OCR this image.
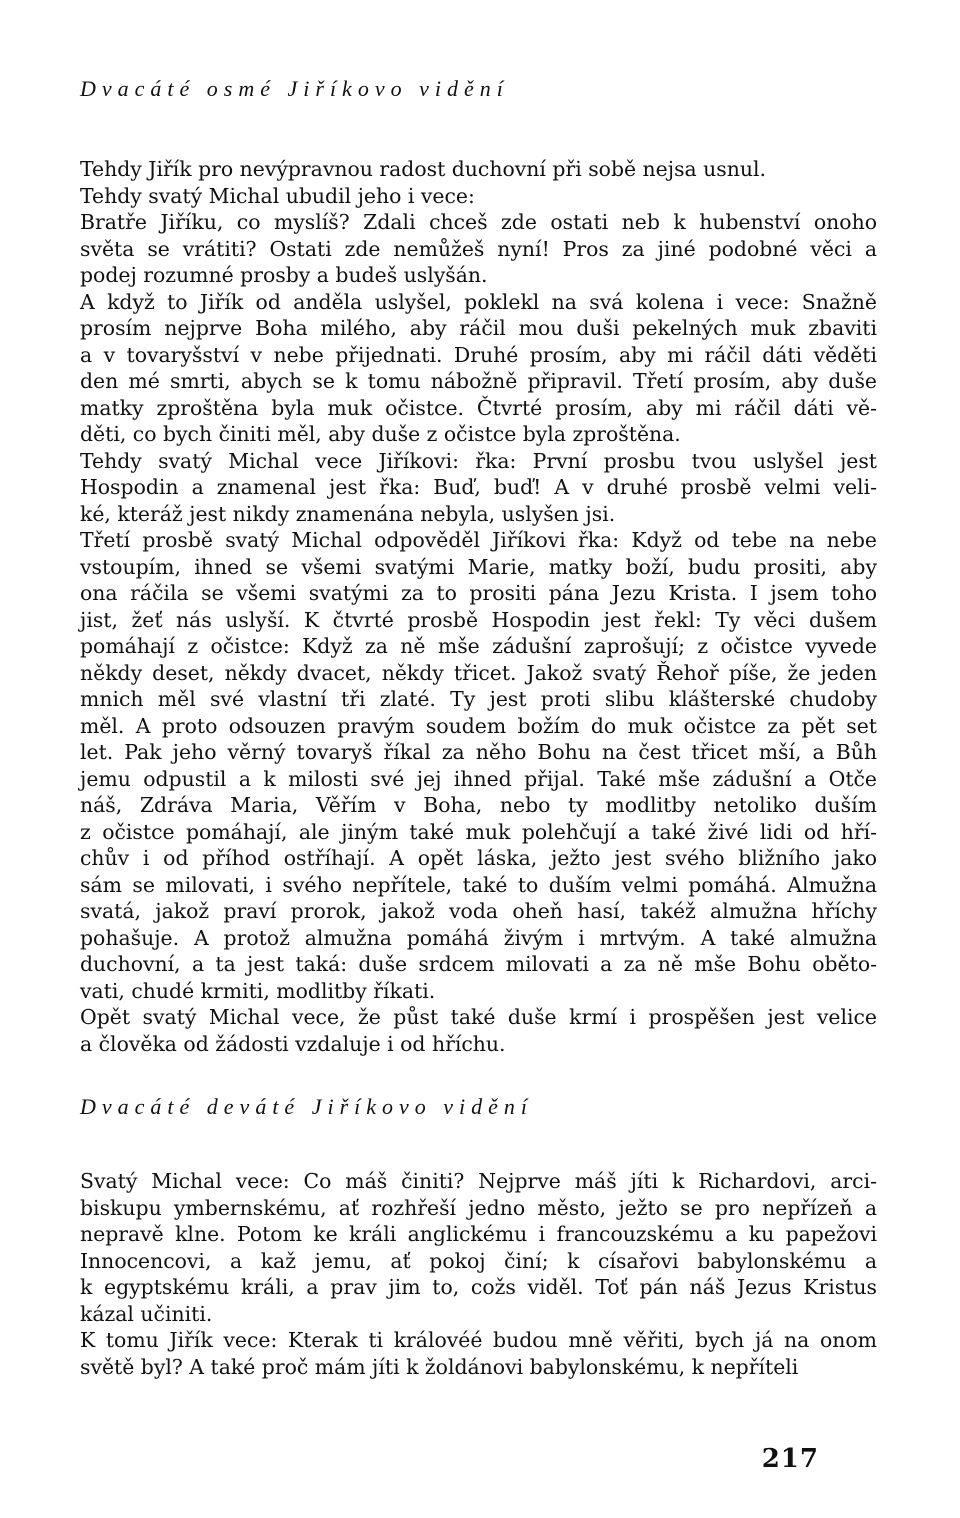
Dvacáté osmé Jiříkovo vidění
Tehdy Jiřík pro nevýpravnou radost duchovní při sobě nejsa usnul.
Tehdy svatý Michal ubudil jeho i vece:
Bratře Jiříku, co myslíš? Zdali chceš zde ostati neb k hubenství onoho
světa se vrátiti? Ostati zde nemůžeš nyní! Pros za jiné podobné věci a
podej rozumné prosby a budeš uslyšán.
A když to Jiřík od anděla uslyšel, poklekl na svá kolena i vece: Snažně
prosím nejprve Boha milého, aby ráčil mou duši pekelných muk zbaviti
a v tovaryšství v nebe přijednati. Druhé prosím, aby mi ráčil dáti věděti
den mé smrti, abych se k tomu nábožně připravil. Třetí prosím, aby duše
matky zproštěna byla muk očistce. Čtvrté prosím, aby mi ráčil dáti vě-
děti, co bych činiti měl, aby duše z očistce byla zproštěna.
Tehdy svatý Michal vece Jiříkovi: řka: První prosbu tvou uslyšel jest
Hospodin a znamenal jest řka: Buď, buď! A v druhé prosbě velmi veli-
ké, kteráž jest nikdy znamenána nebyla, uslyšen jsi.
Třetí prosbě svatý Michal odpověděl Jiříkovi řka: Když od tebe na nebe
vstoupím, ihned se všemi svatými Marie, matky boží, budu prositi, aby
ona ráčila se všemi svatými za to prositi pána Jezu Krista. I jsem toho
jist, žeť nás uslyší. K čtvrté prosbě Hospodin jest řekl: Ty věci dušem
pomáhají z očistce: Když za ně mše zádušní zaprošují; z očistce vyvede
někdy deset, někdy dvacet, někdy třicet. Jakož svatý Řehoř píše, že jeden
mnich měl své vlastní tři zlaté. Ty jest proti slibu klášterské chudoby
měl. A proto odsouzen pravým soudem božím do muk očistce za pět set
let. Pak jeho věrný tovaryš říkal za něho Bohu na čest třicet mší, a Bůh
jemu odpustil a k milosti své jej ihned přijal. Také mše zádušní a Otče
náš, Zdráva Maria, Věřím v Boha, nebo ty modlitby netoliko duším
z očistce pomáhají, ale jiným také muk polehčují a také živé lidi od hří-
chův i od příhod ostříhají. A opět láska, ježto jest svého bližního jako
sám se milovati, i svého nepřítele, také to duším velmi pomáhá. Almužna
svatá, jakož praví prorok, jakož voda oheň hasí, takéž almužna hříchy
pohašuje. A protož almužna pomáhá živým i mrtvým. A také almužna
duchovní, a ta jest taká: duše srdcem milovati a za ně mše Bohu oběto-
vati, chudé krmiti, modlitby říkati.
Opět svatý Michal vece, že půst také duše krmí i prospěšen jest velice
a člověka od žádosti vzdaluje i od hříchu.
Dvacáté deváté Jiříkovo vidění
Svatý Michal vece: Co máš činiti? Nejprve máš jíti k Richardovi, arci-
biskupu ymbernskému, ať rozhřeší jedno město, ježto se pro nepřízeň a
nepravě klne. Potom ke králi anglickému i francouzskému a ku papežovi
Innocencovi, a kaž jemu, ať pokoj činí; k císařovi babylonskému a
k egyptskému králi, a prav jim to, cožs viděl. Toť pán náš Jezus Kristus
kázal učiniti.
K tomu Jiřík vece: Kterak ti královéé budou mně věřiti, bych já na onom
světě byl? A také proč mám jíti k žoldánovi babylonskému, k nepříteli
217
